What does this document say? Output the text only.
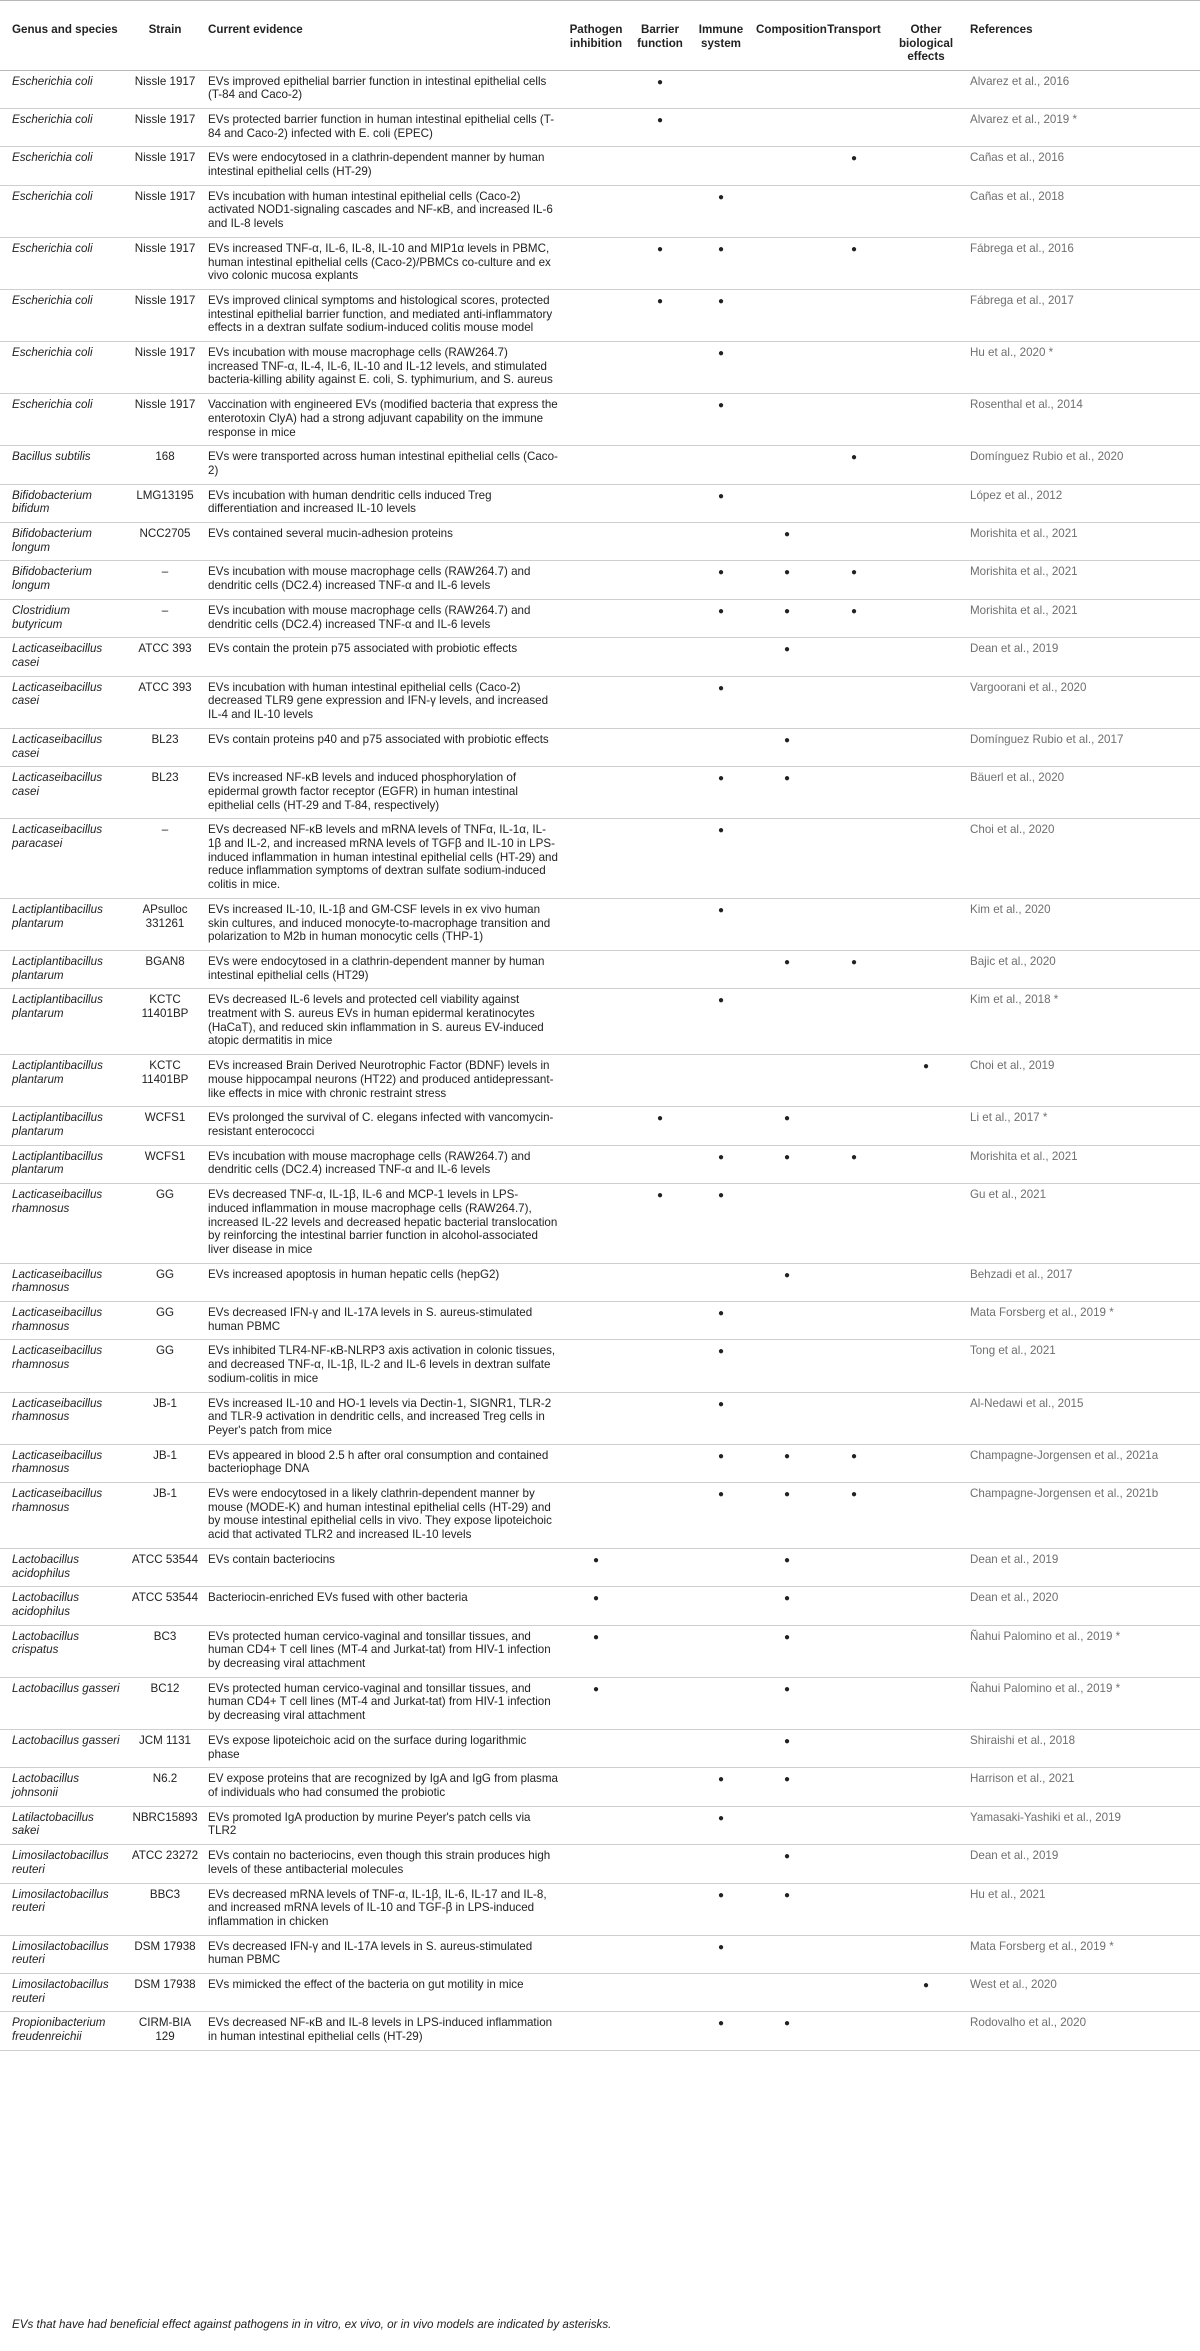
Genus and species	Strain	Current evidence	Pathogen inhibition	Barrier function	Immune system	Composition	Transport	Other biological effects	References
Escherichia coli	Nissle 1917	EVs improved epithelial barrier function in intestinal epithelial cells (T-84 and Caco-2)		●					Alvarez et al., 2016
Escherichia coli	Nissle 1917	EVs protected barrier function in human intestinal epithelial cells (T-84 and Caco-2) infected with E. coli (EPEC)		●					Alvarez et al., 2019 *
Escherichia coli	Nissle 1917	EVs were endocytosed in a clathrin-dependent manner by human intestinal epithelial cells (HT-29)					●		Cañas et al., 2016
Escherichia coli	Nissle 1917	EVs incubation with human intestinal epithelial cells (Caco-2) activated NOD1-signaling cascades and NF-κB, and increased IL-6 and IL-8 levels			●				Cañas et al., 2018
Escherichia coli	Nissle 1917	EVs increased TNF-α, IL-6, IL-8, IL-10 and MIP1α levels in PBMC, human intestinal epithelial cells (Caco-2)/PBMCs co-culture and ex vivo colonic mucosa explants		●	●		●		Fábrega et al., 2016
Escherichia coli	Nissle 1917	EVs improved clinical symptoms and histological scores, protected intestinal epithelial barrier function, and mediated anti-inflammatory effects in a dextran sulfate sodium-induced colitis mouse model		●	●				Fábrega et al., 2017
Escherichia coli	Nissle 1917	EVs incubation with mouse macrophage cells (RAW264.7) increased TNF-α, IL-4, IL-6, IL-10 and IL-12 levels, and stimulated bacteria-killing ability against E. coli, S. typhimurium, and S. aureus			●				Hu et al., 2020 *
Escherichia coli	Nissle 1917	Vaccination with engineered EVs (modified bacteria that express the enterotoxin ClyA) had a strong adjuvant capability on the immune response in mice			●				Rosenthal et al., 2014
Bacillus subtilis	168	EVs were transported across human intestinal epithelial cells (Caco-2)					●		Domínguez Rubio et al., 2020
Bifidobacterium bifidum	LMG13195	EVs incubation with human dendritic cells induced Treg differentiation and increased IL-10 levels			●				López et al., 2012
Bifidobacterium longum	NCC2705	EVs contained several mucin-adhesion proteins				●			Morishita et al., 2021
Bifidobacterium longum	–	EVs incubation with mouse macrophage cells (RAW264.7) and dendritic cells (DC2.4) increased TNF-α and IL-6 levels			●	●	●		Morishita et al., 2021
Clostridium butyricum	–	EVs incubation with mouse macrophage cells (RAW264.7) and dendritic cells (DC2.4) increased TNF-α and IL-6 levels			●	●	●		Morishita et al., 2021
Lacticaseibacillus casei	ATCC 393	EVs contain the protein p75 associated with probiotic effects				●			Dean et al., 2019
Lacticaseibacillus casei	ATCC 393	EVs incubation with human intestinal epithelial cells (Caco-2) decreased TLR9 gene expression and IFN-γ levels, and increased IL-4 and IL-10 levels			●				Vargoorani et al., 2020
Lacticaseibacillus casei	BL23	EVs contain proteins p40 and p75 associated with probiotic effects				●			Domínguez Rubio et al., 2017
Lacticaseibacillus casei	BL23	EVs increased NF-κB levels and induced phosphorylation of epidermal growth factor receptor (EGFR) in human intestinal epithelial cells (HT-29 and T-84, respectively)			●	●			Bäuerl et al., 2020
Lacticaseibacillus paracasei	–	EVs decreased NF-κB levels and mRNA levels of TNFα, IL-1α, IL-1β and IL-2, and increased mRNA levels of TGFβ and IL-10 in LPS-induced inflammation in human intestinal epithelial cells (HT-29) and reduce inflammation symptoms of dextran sulfate sodium-induced colitis in mice.			●				Choi et al., 2020
Lactiplantibacillus plantarum	APsulloc 331261	EVs increased IL-10, IL-1β and GM-CSF levels in ex vivo human skin cultures, and induced monocyte-to-macrophage transition and polarization to M2b in human monocytic cells (THP-1)			●				Kim et al., 2020
Lactiplantibacillus plantarum	BGAN8	EVs were endocytosed in a clathrin-dependent manner by human intestinal epithelial cells (HT29)				●	●		Bajic et al., 2020
Lactiplantibacillus plantarum	KCTC 11401BP	EVs decreased IL-6 levels and protected cell viability against treatment with S. aureus EVs in human epidermal keratinocytes (HaCaT), and reduced skin inflammation in S. aureus EV-induced atopic dermatitis in mice			●				Kim et al., 2018 *
Lactiplantibacillus plantarum	KCTC 11401BP	EVs increased Brain Derived Neurotrophic Factor (BDNF) levels in mouse hippocampal neurons (HT22) and produced antidepressant-like effects in mice with chronic restraint stress						●	Choi et al., 2019
Lactiplantibacillus plantarum	WCFS1	EVs prolonged the survival of C. elegans infected with vancomycin-resistant enterococci		●		●			Li et al., 2017 *
Lactiplantibacillus plantarum	WCFS1	EVs incubation with mouse macrophage cells (RAW264.7) and dendritic cells (DC2.4) increased TNF-α and IL-6 levels			●	●	●		Morishita et al., 2021
Lacticaseibacillus rhamnosus	GG	EVs decreased TNF-α, IL-1β, IL-6 and MCP-1 levels in LPS-induced inflammation in mouse macrophage cells (RAW264.7), increased IL-22 levels and decreased hepatic bacterial translocation by reinforcing the intestinal barrier function in alcohol-associated liver disease in mice		●	●				Gu et al., 2021
Lacticaseibacillus rhamnosus	GG	EVs increased apoptosis in human hepatic cells (hepG2)				●			Behzadi et al., 2017
Lacticaseibacillus rhamnosus	GG	EVs decreased IFN-γ and IL-17A levels in S. aureus-stimulated human PBMC			●				Mata Forsberg et al., 2019 *
Lacticaseibacillus rhamnosus	GG	EVs inhibited TLR4-NF-κB-NLRP3 axis activation in colonic tissues, and decreased TNF-α, IL-1β, IL-2 and IL-6 levels in dextran sulfate sodium-colitis in mice			●				Tong et al., 2021
Lacticaseibacillus rhamnosus	JB-1	EVs increased IL-10 and HO-1 levels via Dectin-1, SIGNR1, TLR-2 and TLR-9 activation in dendritic cells, and increased Treg cells in Peyer's patch from mice			●				Al-Nedawi et al., 2015
Lacticaseibacillus rhamnosus	JB-1	EVs appeared in blood 2.5 h after oral consumption and contained bacteriophage DNA			●	●	●		Champagne-Jorgensen et al., 2021a
Lacticaseibacillus rhamnosus	JB-1	EVs were endocytosed in a likely clathrin-dependent manner by mouse (MODE-K) and human intestinal epithelial cells (HT-29) and by mouse intestinal epithelial cells in vivo. They expose lipoteichoic acid that activated TLR2 and increased IL-10 levels			●	●	●		Champagne-Jorgensen et al., 2021b
Lactobacillus acidophilus	ATCC 53544	EVs contain bacteriocins	●			●			Dean et al., 2019
Lactobacillus acidophilus	ATCC 53544	Bacteriocin-enriched EVs fused with other bacteria	●			●			Dean et al., 2020
Lactobacillus crispatus	BC3	EVs protected human cervico-vaginal and tonsillar tissues, and human CD4+ T cell lines (MT-4 and Jurkat-tat) from HIV-1 infection by decreasing viral attachment	●			●			Ñahui Palomino et al., 2019 *
Lactobacillus gasseri	BC12	EVs protected human cervico-vaginal and tonsillar tissues, and human CD4+ T cell lines (MT-4 and Jurkat-tat) from HIV-1 infection by decreasing viral attachment	●			●			Ñahui Palomino et al., 2019 *
Lactobacillus gasseri	JCM 1131	EVs expose lipoteichoic acid on the surface during logarithmic phase				●			Shiraishi et al., 2018
Lactobacillus johnsonii	N6.2	EV expose proteins that are recognized by IgA and IgG from plasma of individuals who had consumed the probiotic			●	●			Harrison et al., 2021
Latilactobacillus sakei	NBRC15893	EVs promoted IgA production by murine Peyer's patch cells via TLR2			●				Yamasaki-Yashiki et al., 2019
Limosilactobacillus reuteri	ATCC 23272	EVs contain no bacteriocins, even though this strain produces high levels of these antibacterial molecules				●			Dean et al., 2019
Limosilactobacillus reuteri	BBC3	EVs decreased mRNA levels of TNF-α, IL-1β, IL-6, IL-17 and IL-8, and increased mRNA levels of IL-10 and TGF-β in LPS-induced inflammation in chicken			●	●			Hu et al., 2021
Limosilactobacillus reuteri	DSM 17938	EVs decreased IFN-γ and IL-17A levels in S. aureus-stimulated human PBMC			●				Mata Forsberg et al., 2019 *
Limosilactobacillus reuteri	DSM 17938	EVs mimicked the effect of the bacteria on gut motility in mice						●	West et al., 2020
Propionibacterium freudenreichii	CIRM-BIA 129	EVs decreased NF-κB and IL-8 levels in LPS-induced inflammation in human intestinal epithelial cells (HT-29)			●	●			Rodovalho et al., 2020
EVs that have had beneficial effect against pathogens in in vitro, ex vivo, or in vivo models are indicated by asterisks.
